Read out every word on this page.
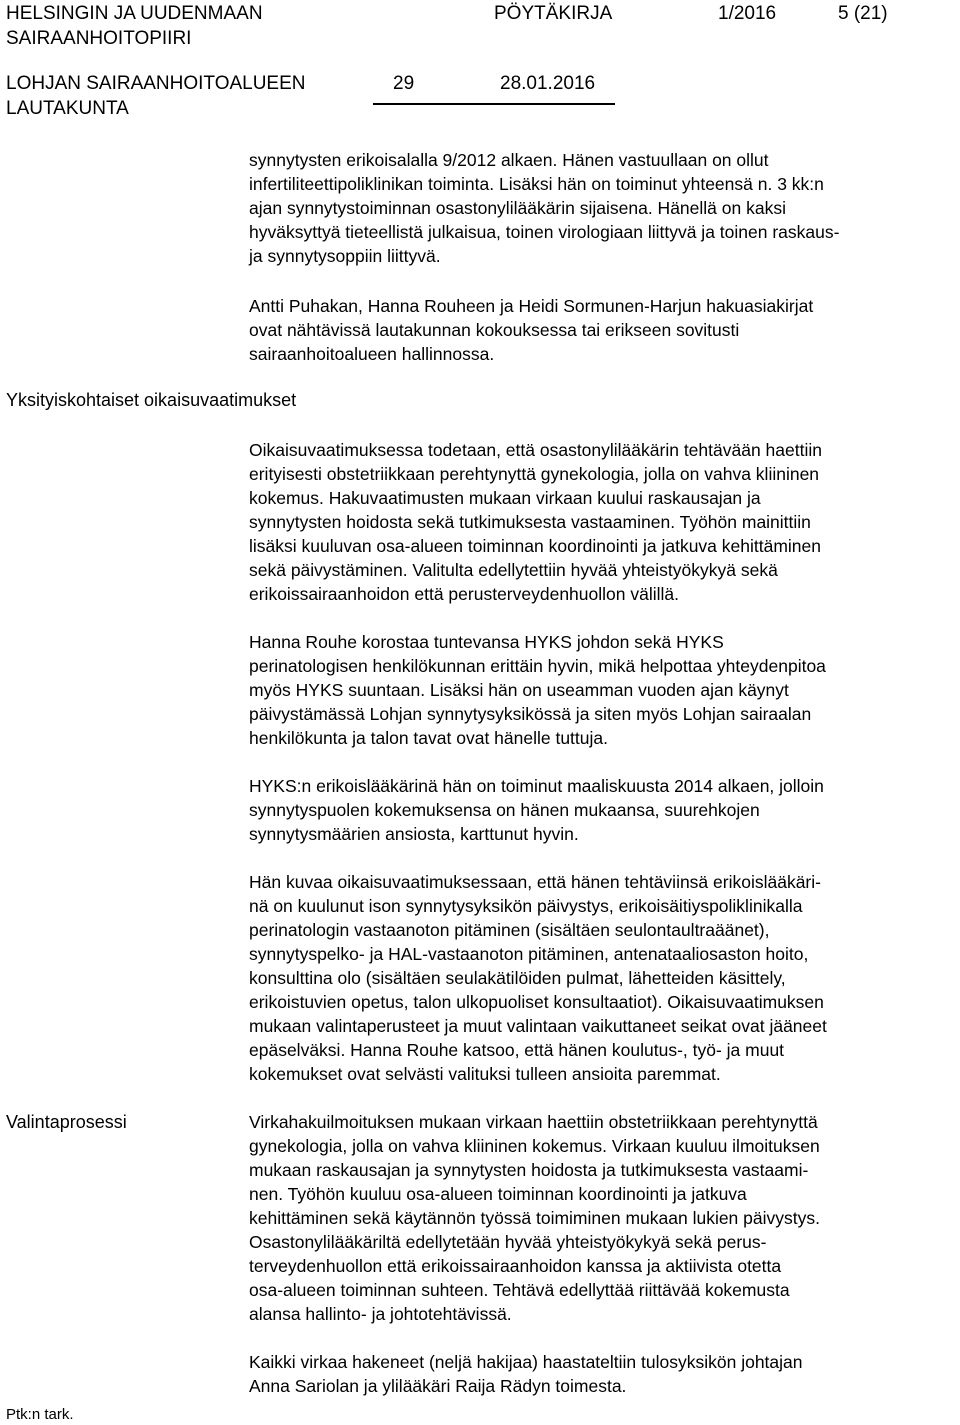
HELSINGIN JA UUDENMAAN
SAIRAANHOITOPIIRI
PÖYTÄKIRJA	1/2016	5 (21)
LOHJAN SAIRAANHOITOALUEEN
LAUTAKUNTA
29	28.01.2016
Yksityiskohtaiset oikaisuvaatimukset
Valintaprosessi
synnytysten erikoisalalla 9/2012 alkaen. Hänen vastuullaan on ollut
infertiliteettipoliklinikan toiminta. Lisäksi hän on toiminut yhteensä n. 3 kk:n
ajan synnytystoiminnan osastonylilääkärin sijaisena. Hänellä on kaksi
hyväksyttyä tieteellistä julkaisua, toinen virologiaan liittyvä ja toinen raskaus-
ja synnytysoppiin liittyvä.
Antti Puhakan, Hanna Rouheen ja Heidi Sormunen-Harjun hakuasiakirjat
ovat nähtävissä lautakunnan kokouksessa tai erikseen sovitusti
sairaanhoitoalueen hallinnossa.
Oikaisuvaatimuksessa todetaan, että osastonylilääkärin tehtävään haettiin
erityisesti obstetriikkaan perehtynyttä gynekologia, jolla on vahva kliininen
kokemus. Hakuvaatimusten mukaan virkaan kuului raskausajan ja
synnytysten hoidosta sekä tutkimuksesta vastaaminen. Työhön mainittiin
lisäksi kuuluvan osa-alueen toiminnan koordinointi ja jatkuva kehittäminen
sekä päivystäminen. Valitulta edellytettiin hyvää yhteistyökykyä sekä
erikoissairaanhoidon että perusterveydenhuollon välillä.
Hanna Rouhe korostaa tuntevansa HYKS johdon sekä HYKS
perinatologisen henkilökunnan erittäin hyvin, mikä helpottaa yhteydenpitoa
myös HYKS suuntaan. Lisäksi hän on useamman vuoden ajan käynyt
päivystämässä Lohjan synnytysyksikössä ja siten myös Lohjan sairaalan
henkilökunta ja talon tavat ovat hänelle tuttuja.
HYKS:n erikoislääkärinä hän on toiminut maaliskuusta 2014 alkaen, jolloin
synnytyspuolen kokemuksensa on hänen mukaansa, suurehkojen
synnytysmäärien ansiosta, karttunut hyvin.
Hän kuvaa oikaisuvaatimuksessaan, että hänen tehtäviinsä erikoislääkäri-
nä on kuulunut ison synnytysyksikön päivystys, erikoisäitiyspoliklinikalla
perinatologin vastaanoton pitäminen (sisältäen seulontaultraäänet),
synnytyspelko- ja HAL-vastaanoton pitäminen, antenataaliosaston hoito,
konsulttina olo (sisältäen seulakätilöiden pulmat, lähetteiden käsittely,
erikoistuvien opetus, talon ulkopuoliset konsultaatiot). Oikaisuvaatimuksen
mukaan valintaperusteet ja muut valintaan vaikuttaneet seikat ovat jääneet
epäselväksi. Hanna Rouhe katsoo, että hänen koulutus-, työ- ja muut
kokemukset ovat selvästi valituksi tulleen ansioita paremmat.
Virkahakuilmoituksen mukaan virkaan haettiin obstetriikkaan perehtynyttä
gynekologia, jolla on vahva kliininen kokemus. Virkaan kuuluu ilmoituksen
mukaan raskausajan ja synnytysten hoidosta ja tutkimuksesta vastaami-
nen. Työhön kuuluu osa-alueen toiminnan koordinointi ja jatkuva
kehittäminen sekä käytännön työssä toimiminen mukaan lukien päivystys.
Osastonylilääkäriltä edellytetään hyvää yhteistyökykyä sekä perus-
terveydenhuollon että erikoissairaanhoidon kanssa ja aktiivista otetta
osa-alueen toiminnan suhteen. Tehtävä edellyttää riittävää kokemusta
alansa hallinto- ja johtotehtävissä.
Kaikki virkaa hakeneet (neljä hakijaa) haastateltiin tulosyksikön johtajan
Anna Sariolan ja ylilääkäri Raija Rädyn toimesta.
Ptk:n tark.
